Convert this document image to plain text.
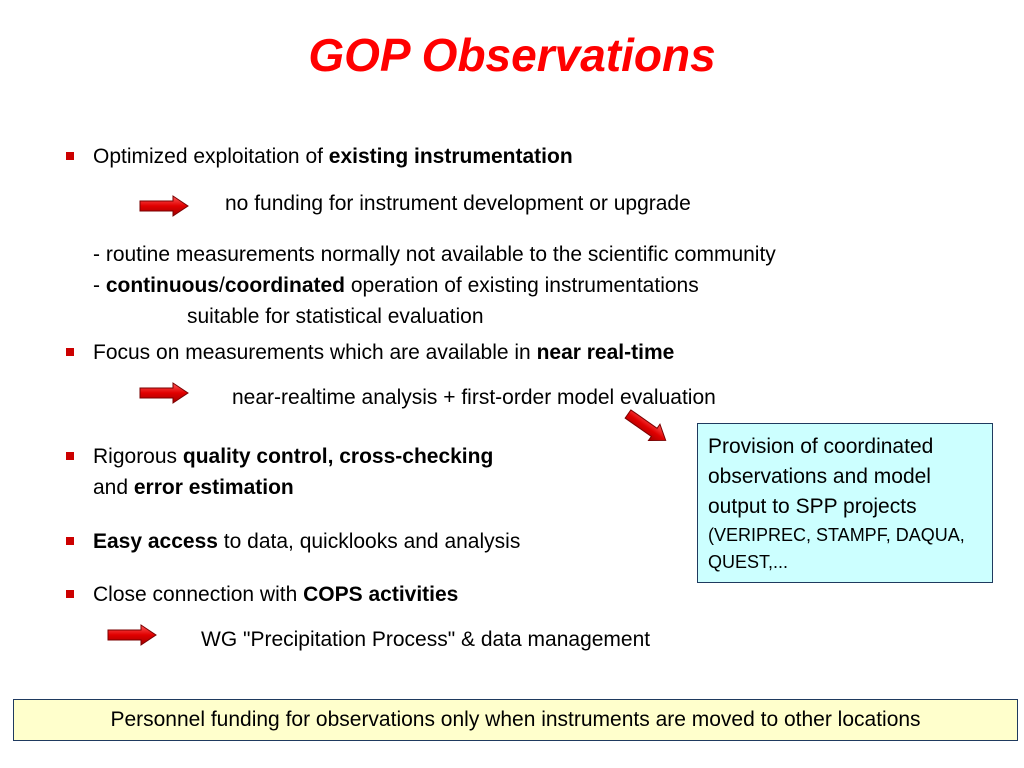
GOP Observations
Optimized exploitation of existing instrumentation
no funding for instrument development or upgrade
- routine measurements normally not available to the scientific community
- continuous/coordinated operation of existing instrumentations
suitable for statistical evaluation
Focus on measurements which are available in near real-time
near-realtime analysis + first-order model evaluation
Provision of coordinated observations and model output to SPP projects
(VERIPREC, STAMPF, DAQUA, QUEST,...
Rigorous quality control, cross-checking
and error estimation
Easy access to data, quicklooks and analysis
Close connection with COPS activities
WG "Precipitation Process" & data management
Personnel funding for observations only when instruments are moved to other locations
